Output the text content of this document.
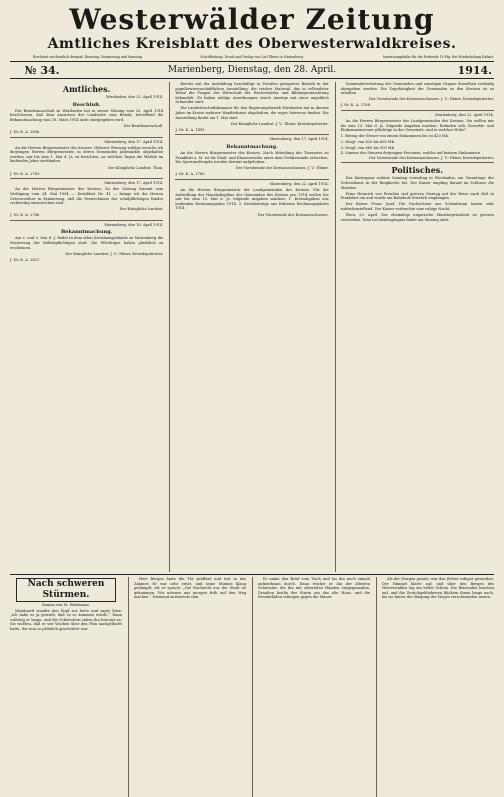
Westerwälder Zeitung
Amtliches Kreisblatt des Oberwesterwaldkreises.
Erscheint wöchentlich dreimal: Dienstag, Donnerstag und Samstag	Schriftleitung, Druck und Verlag von Carl Ebner in Marienberg.	Insertionsgebühr für die Petitzeile 10 Pfg. Bei Wiederholung Rabatt.
№ 34.	Marienberg, Dienstag, den 28. April.	1914.
Amtliches.

Wiesbaden, den 25. April 1914.

Beschluß.

Der Bezirksausschuß zu Wiesbaden hat in seiner Sitzung vom 23. April 1914 beschlossen, daß dem Ansuchen der Landwirte vom Bezirk, betreffend die Bekanntmachung vom 18. März 1914 nicht stattgegeben wird.

Der Bezirksausschuß.

J. Nr. K. A. 2696.

Marienberg, den 17. April 1914.

An die Herren Bürgermeister des Kreises. Höherer Weisung zufolge ersuche ich diejenigen Herren Bürgermeister, in deren Gemeinden Jahrmärkte abgehalten werden, mir bis zum 1. Mai d. Js. zu berichten, an welchen Tagen die Märkte im laufenden Jahre stattfinden.

Der Königliche Landrat. Thon.

J. Nr. K. A. 2783.

Marienberg, den 17. April 1914.

An die Herren Bürgermeister des Kreises. Zu der Sitzung hiermit vom Verfügung vom 24. Mai 1904 — Kreisblatt Nr. 41 — bringe ich die Herren Ortsvorsteher in Erinnerung, daß die Verzeichnisse der schulpflichtigen Kinder rechtzeitig einzureichen sind.

Der Königliche Landrat.

J. Nr. K. A. 2786.

Marienberg, den 18. April 1914.

Bekanntmachung.

Am 2. und 3. Mai d. J. findet in dem alten Kreishausgebäude zu Marienberg die Musterung der Militärpflichtigen statt. Die Pflichtigen haben pünktlich zu erscheinen.

Der Königliche Landrat. J. V.: Ebner, Kreisdeputierter.

J. Nr. K. A. 2827.

Bereits mit der Ausbildung beschäftigt in Preußen geeigneter Betrieb in der populärwissenschaftlichen Ausstellung, die reiches Material, das in vollendeter Weise die Fragen der Wirtschaft der Westerwälder und Bildungseinrichtung behandelt. Es haben infolge Anordnungen durch Anzeige mit einer angeblich Schneider statt.

Die Landwirtschaftskammer für den Regierungsbezirk Wiesbaden hat in diesem Jahre im Kreise mehrere Wanderkurse abgehalten, die reges Interesse fanden. Die Ausstellung findet am 1. Mai statt.

Der Königliche Landrat. J. V.: Ebner, Kreisdeputierter.

J. Nr. K. A. 1495.

Marienberg, den 17. April 1914.

Bekanntmachung.

An die Herren Bürgermeister des Kreises. Nach Mitteilung des Tierarztes zu Frankfurt a. M. ist die Maul- und Klauenseuche unter dem Viehbestande erloschen. Die Sperrmaßregeln werden hiermit aufgehoben.

Der Vorsitzende des Kreisausschusses. J. V.: Ebner.

J. Nr. K. A. 2780.

Marienberg, den 22. April 1914.

An die Herren Bürgermeister der Landgemeinden des Kreises. Für die Aufstellung der Haushaltspläne der Gemeinden des Kreises pro 1914 wollen Sie mir bis zum 15. Mai d. Js. folgende Angaben machen: 1. Kreisabgaben aus laufenden Rechnungsjahre 1914. 2. Kreisbeiträge aus früheren Rechnungsjahren 1914.

Der Vorsitzende des Kreisausschusses.

Gemeindevertretung der Gemeinden und sonstigen Organe derselben vorläufig abzugeben werden. Die Zugehörigkeit der Gemeinden zu den Kreisen ist zu erhalten.

Der Vorsitzende des Kreisausschusses. J. V.: Ebner, Kreisdeputierter.

J. Nr. K. A. 2786.

Marienberg, den 22. April 1914.

An die Herren Bürgermeister der Landgemeinden des Kreises. Sie wollen mir bis zum 15. Mai d. Js. folgende Angaben machen: Befinden sich Gewerbe- und Einkommensteuer pflichtige in der Gemeinde, und in welcher Höhe?

1. Betrag der Steuer von einem Einkommen bis zu 420 Mk.

2. Desgl. von 420 bis 660 Mk.

3. Desgl. von 660 bis 900 Mk.

4. Summe der Steuern derjenigen Personen, welche auf keinem Einkommen

Der Vorsitzende des Kreisausschusses. J. V.: Ebner, Kreisdeputierter.

Politisches.

Das Kaiserpaar wohnte Sonntag vormittag in Wiesbaden, am Vormittage des Gottesdienst in der Ringkirche bei. Der Kaiser empfing darauf im Schlosse die Minister.

Prinz Heinrich von Preußen traf gestern Montag auf der Reise nach Kiel in Frankfurt ein und wurde am Bahnhofe feierlich empfangen.

Der Kaiser Franz Josef. Die Nachrichten aus Schönbrunn lauten sehr zufriedenstellend. Der Kaiser verbrachte eine ruhige Nacht.

Wien, 25. April. Der ehemalige ungarische Ministerpräsident ist gestern verstorben. Sein Leichenbegängnis findet am Montag statt.

Nach schweren Stürmen.
Roman von M. Weidmann.

Meinhardt wandte den Kopf zur Seite und sagte leise: „Ich habe es ja gewußt, daß es so kommen würde.“ Dann schwieg er lange, und die Schwestern sahen ihn besorgt an. Sie wußten, daß er seit Wochen über den Plan nachgedacht hatte, der nun so plötzlich gescheitert war.

Herr Bergen hatte die Tür geöffnet und trat in das Zimmer. Er war sehr ernst, und seine Stimme klang gedämpft, als er sprach: „Die Nachricht aus der Stadt ist gekommen. Wir müssen uns morgen früh auf den Weg machen.“ Niemand antwortete ihm.

Er nahm den Brief vom Tisch und las ihn noch einmal aufmerksam durch. Dann reichte er ihn der ältesten Schwester, die ihn mit zitternden Händen entgegennahm. Draußen heulte der Sturm um das alte Haus, und die Fensterläden schlugen gegen die Mauer.

Als der Morgen graute, war das Wetter ruhiger geworden. Der Himmel klarte auf, und über den Bergen des Westerwaldes lag ein heller Schein. Die Reisenden brachen auf, und die Zurückgebliebenen blickten ihnen lange nach, bis sie hinter der Biegung des Weges verschwunden waren.
